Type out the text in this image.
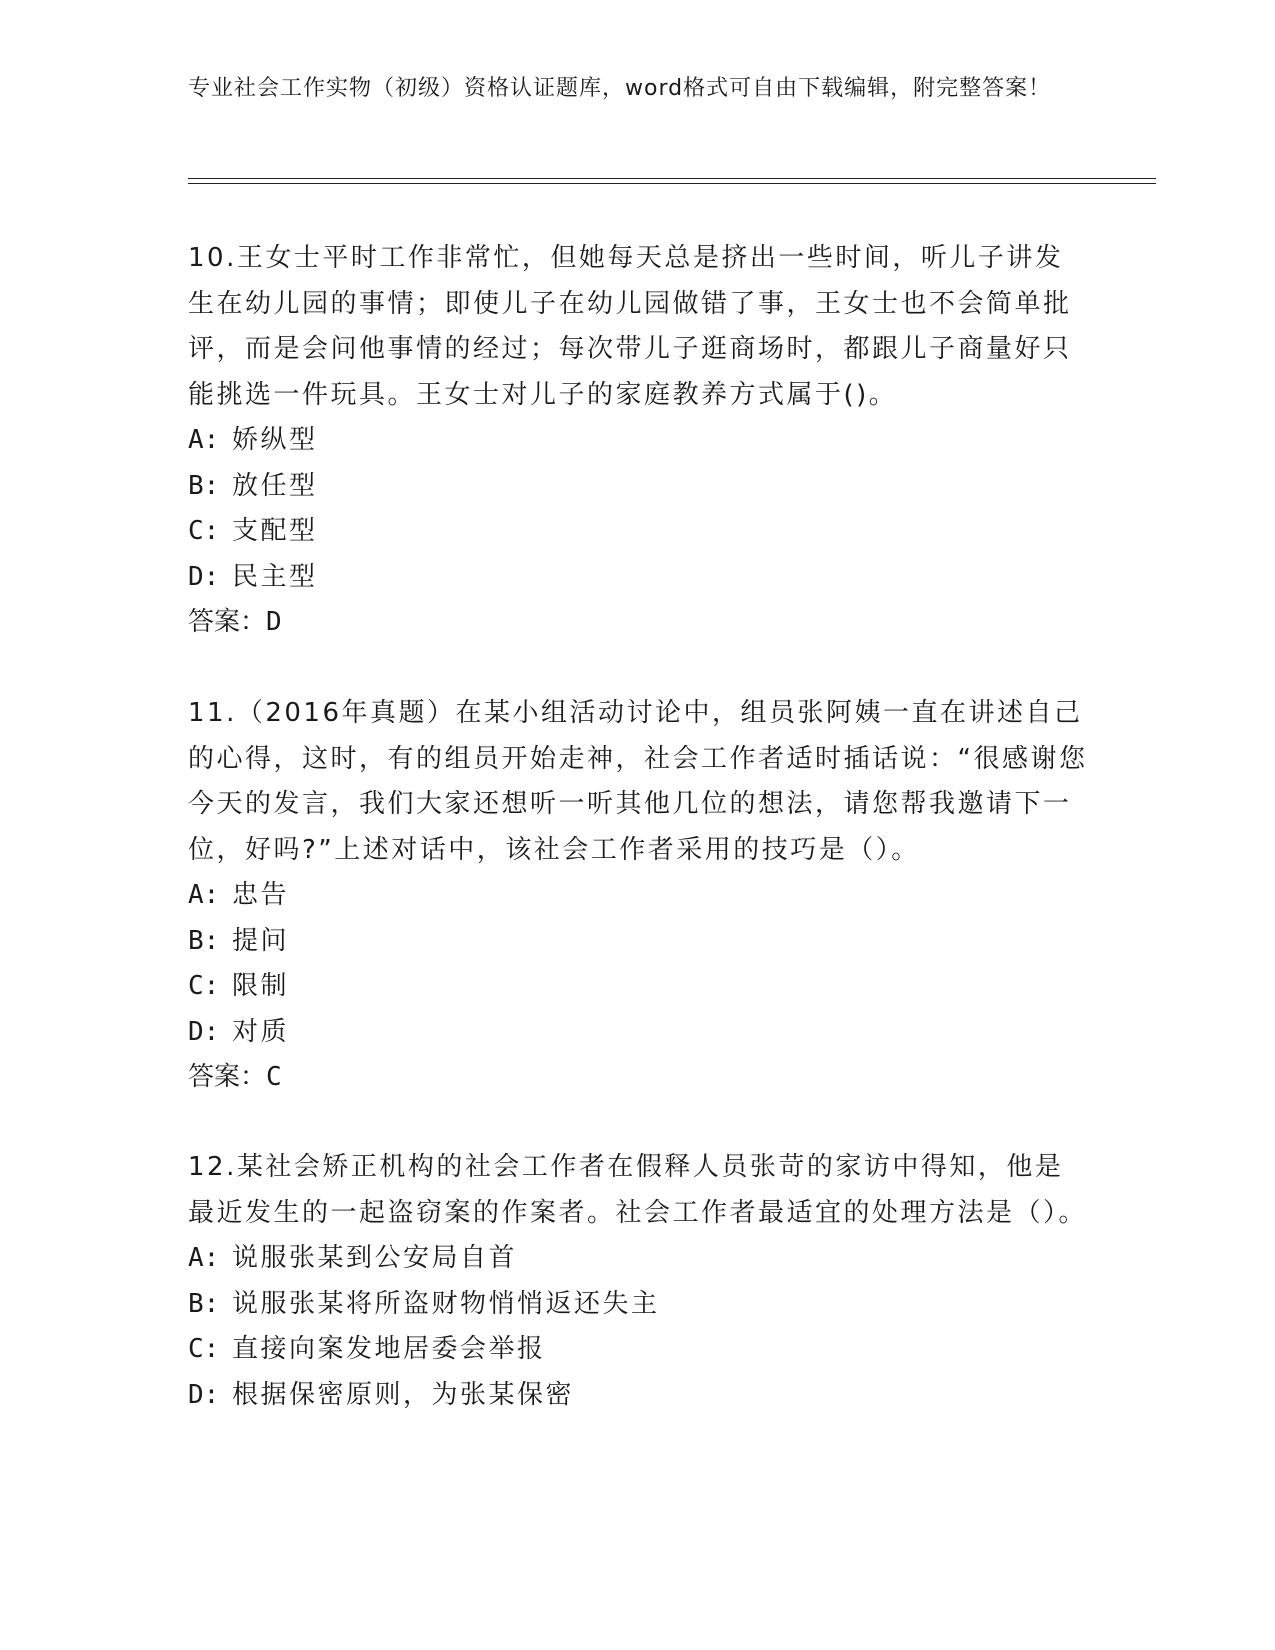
专业社会工作实物（初级）资格认证题库，word格式可自由下载编辑，附完整答案！

10.王女士平时工作非常忙，但她每天总是挤出一些时间，听儿子讲发生在幼儿园的事情；即使儿子在幼儿园做错了事，王女士也不会简单批评，而是会问他事情的经过；每次带儿子逛商场时，都跟儿子商量好只能挑选一件玩具。王女士对儿子的家庭教养方式属于()。

A: 娇纵型

B: 放任型

C: 支配型

D: 民主型

答案：D

11.（2016年真题）在某小组活动讨论中，组员张阿姨一直在讲述自己的心得，这时，有的组员开始走神，社会工作者适时插话说：“很感谢您今天的发言，我们大家还想听一听其他几位的想法，请您帮我邀请下一位，好吗?”上述对话中，该社会工作者采用的技巧是（）。

A: 忠告

B: 提问

C: 限制

D: 对质

答案：C

12.某社会矫正机构的社会工作者在假释人员张苛的家访中得知，他是最近发生的一起盗窃案的作案者。社会工作者最适宜的处理方法是（）。

A: 说服张某到公安局自首

B: 说服张某将所盗财物悄悄返还失主

C: 直接向案发地居委会举报

D: 根据保密原则，为张某保密
